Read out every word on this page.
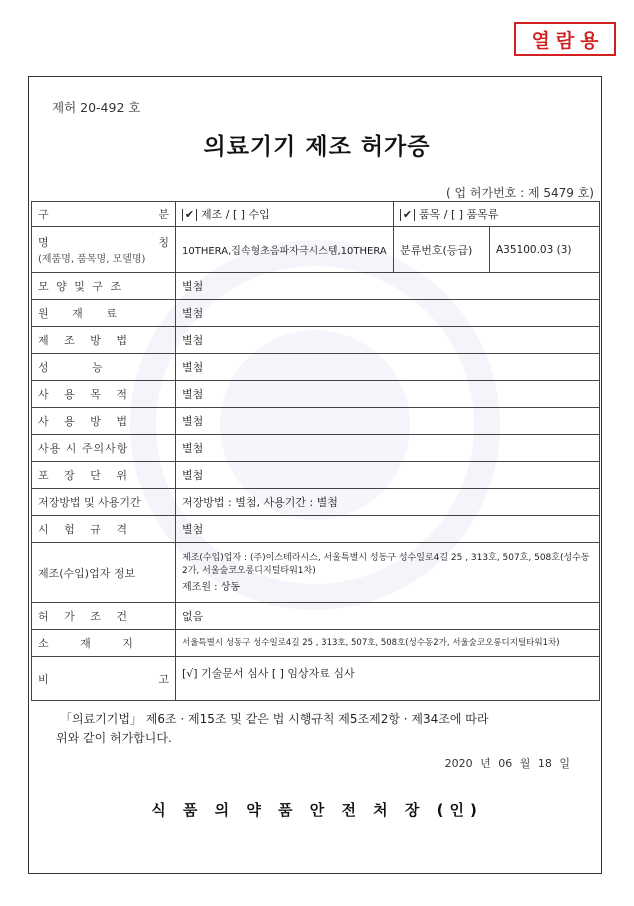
열람용
제허 20-492 호
의료기기 제조 허가증
( 업 허가번호 : 제 5479 호)
구 분	✔ 제조 / [ ] 수입	✔ 품목 / [ ] 품목류	

명 칭
(제품명, 품목명, 모델명)	10THERA,집속형초음파자극시스템,10THERA	분류번호(등급)	A35100.03 (3)
모 양 및 구 조	별첨		
원 재 료	별첨		
제 조 방 법	별첨		
성 능	별첨		
사 용 목 적	별첨		
사 용 방 법	별첨		
사용 시 주의사항	별첨		
포 장 단 위	별첨		
저장방법 및 사용기간	저장방법 : 별첨, 사용기간 : 별첨		
시 험 규 격	별첨		
제조(수입)업자 정보	제조(수입)업자 : (주)이스테라시스, 서울특별시 성동구 성수일로4길 25 , 313호, 507호, 508호(성수동2가, 서울숲코오롱디지털타워1차)
제조원 : 상동		

허 가 조 건	없음		
소 재 지	서울특별시 성동구 성수일로4길 25 , 313호, 507호, 508호(성수동2가, 서울숲코오롱디지털타워1차)		

비 고	[√] 기술문서 심사 [ ] 임상자료 심사		
「의료기기법」 제6조 · 제15조 및 같은 법 시행규칙 제5조제2항 · 제34조에 따라
위와 같이 허가합니다.
2020 년 06 월 18 일
식 품 의 약 품 안 전 처 장 (인)
